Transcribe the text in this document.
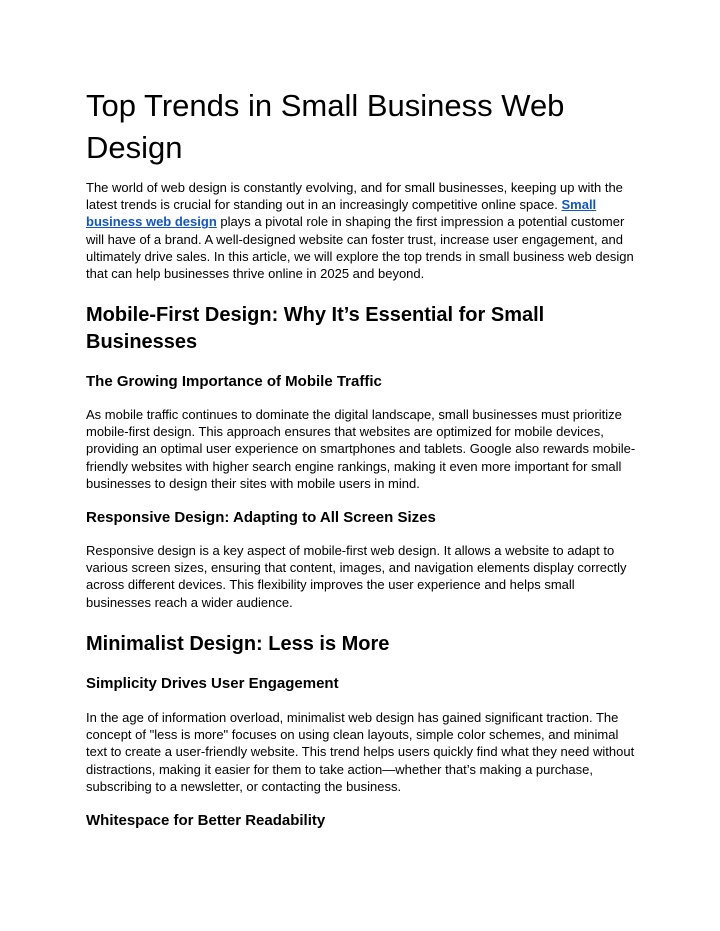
Top Trends in Small Business Web Design

The world of web design is constantly evolving, and for small businesses, keeping up with the latest trends is crucial for standing out in an increasingly competitive online space. Small business web design plays a pivotal role in shaping the first impression a potential customer will have of a brand. A well-designed website can foster trust, increase user engagement, and ultimately drive sales. In this article, we will explore the top trends in small business web design that can help businesses thrive online in 2025 and beyond.

Mobile-First Design: Why It’s Essential for Small Businesses
The Growing Importance of Mobile Traffic

As mobile traffic continues to dominate the digital landscape, small businesses must prioritize mobile-first design. This approach ensures that websites are optimized for mobile devices, providing an optimal user experience on smartphones and tablets. Google also rewards mobile-friendly websites with higher search engine rankings, making it even more important for small businesses to design their sites with mobile users in mind.

Responsive Design: Adapting to All Screen Sizes

Responsive design is a key aspect of mobile-first web design. It allows a website to adapt to various screen sizes, ensuring that content, images, and navigation elements display correctly across different devices. This flexibility improves the user experience and helps small businesses reach a wider audience.

Minimalist Design: Less is More
Simplicity Drives User Engagement

In the age of information overload, minimalist web design has gained significant traction. The concept of "less is more" focuses on using clean layouts, simple color schemes, and minimal text to create a user-friendly website. This trend helps users quickly find what they need without distractions, making it easier for them to take action—whether that’s making a purchase, subscribing to a newsletter, or contacting the business.

Whitespace for Better Readability
